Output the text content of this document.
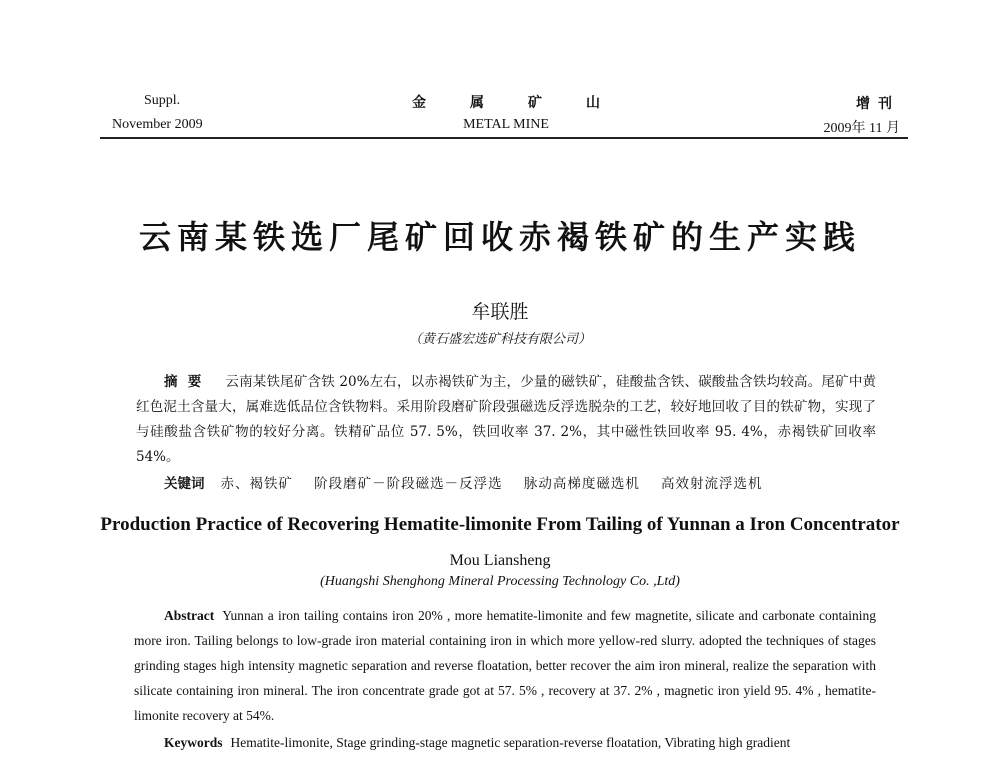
Suppl.
November 2009
金属矿山
METAL MINE
增刊
2009年 11 月
云南某铁选厂尾矿回收赤褐铁矿的生产实践
牟联胜
（黄石盛宏选矿科技有限公司）
摘要 云南某铁尾矿含铁 20%左右，以赤褐铁矿为主，少量的磁铁矿，硅酸盐含铁、碳酸盐含铁均较高。尾矿中黄红色泥土含量大，属难选低品位含铁物料。采用阶段磨矿阶段强磁选反浮选脱杂的工艺，较好地回收了目的铁矿物，实现了与硅酸盐含铁矿物的较好分离。铁精矿品位 57. 5%，铁回收率 37. 2%，其中磁性铁回收率 95. 4%，赤褐铁矿回收率 54%。
关键词 赤、褐铁矿    阶段磨矿－阶段磁选－反浮选    脉动高梯度磁选机    高效射流浮选机
Production Practice of Recovering Hematite-limonite From Tailing of Yunnan a Iron Concentrator
Mou Liansheng
(Huangshi Shenghong Mineral Processing Technology Co. ,Ltd)
Abstract Yunnan a iron tailing contains iron 20% , more hematite-limonite and few magnetite, silicate and carbonate containing more iron. Tailing belongs to low-grade iron material containing iron in which more yellow-red slurry. adopted the techniques of stages grinding stages high intensity magnetic separation and reverse floatation, better recover the aim iron mineral, realize the separation with silicate containing iron mineral. The iron concentrate grade got at 57. 5% , recovery at 37. 2% , magnetic iron yield 95. 4% , hematite-limonite recovery at 54%.
Keywords Hematite-limonite, Stage grinding-stage magnetic separation-reverse floatation, Vibrating high gradient
